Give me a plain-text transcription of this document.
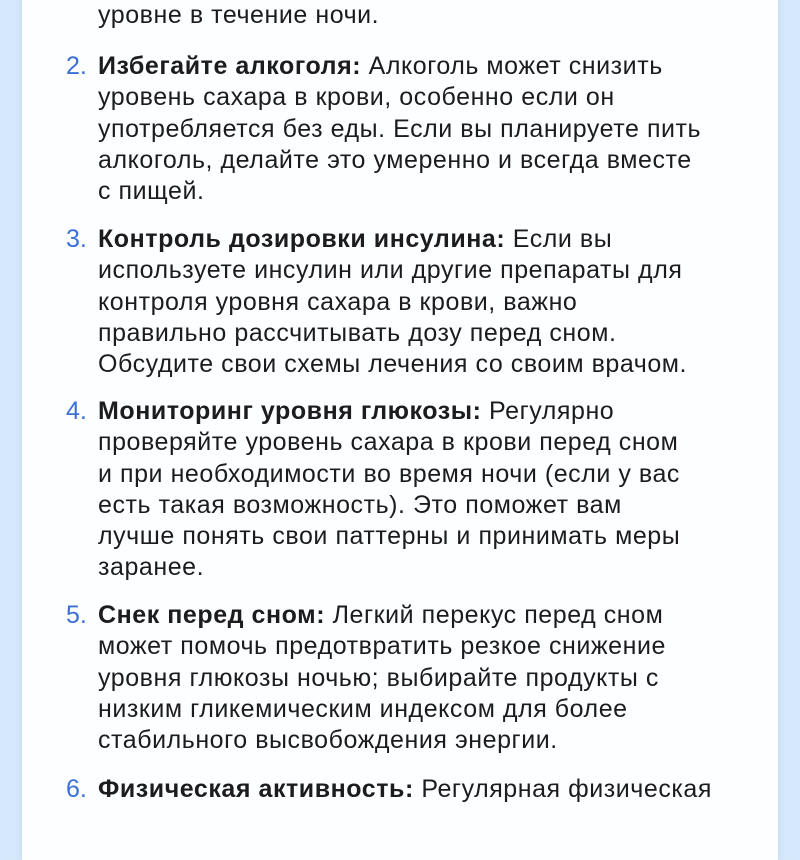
уровне в течение ночи.
2. Избегайте алкоголя: Алкоголь может снизить
уровень сахара в крови, особенно если он
употребляется без еды. Если вы планируете пить
алкоголь, делайте это умеренно и всегда вместе
с пищей.
3. Контроль дозировки инсулина: Если вы
используете инсулин или другие препараты для
контроля уровня сахара в крови, важно
правильно рассчитывать дозу перед сном.
Обсудите свои схемы лечения со своим врачом.
4. Мониторинг уровня глюкозы: Регулярно
проверяйте уровень сахара в крови перед сном
и при необходимости во время ночи (если у вас
есть такая возможность). Это поможет вам
лучше понять свои паттерны и принимать меры
заранее.
5. Снек перед сном: Легкий перекус перед сном
может помочь предотвратить резкое снижение
уровня глюкозы ночью; выбирайте продукты с
низким гликемическим индексом для более
стабильного высвобождения энергии.
6. Физическая активность: Регулярная физическая
